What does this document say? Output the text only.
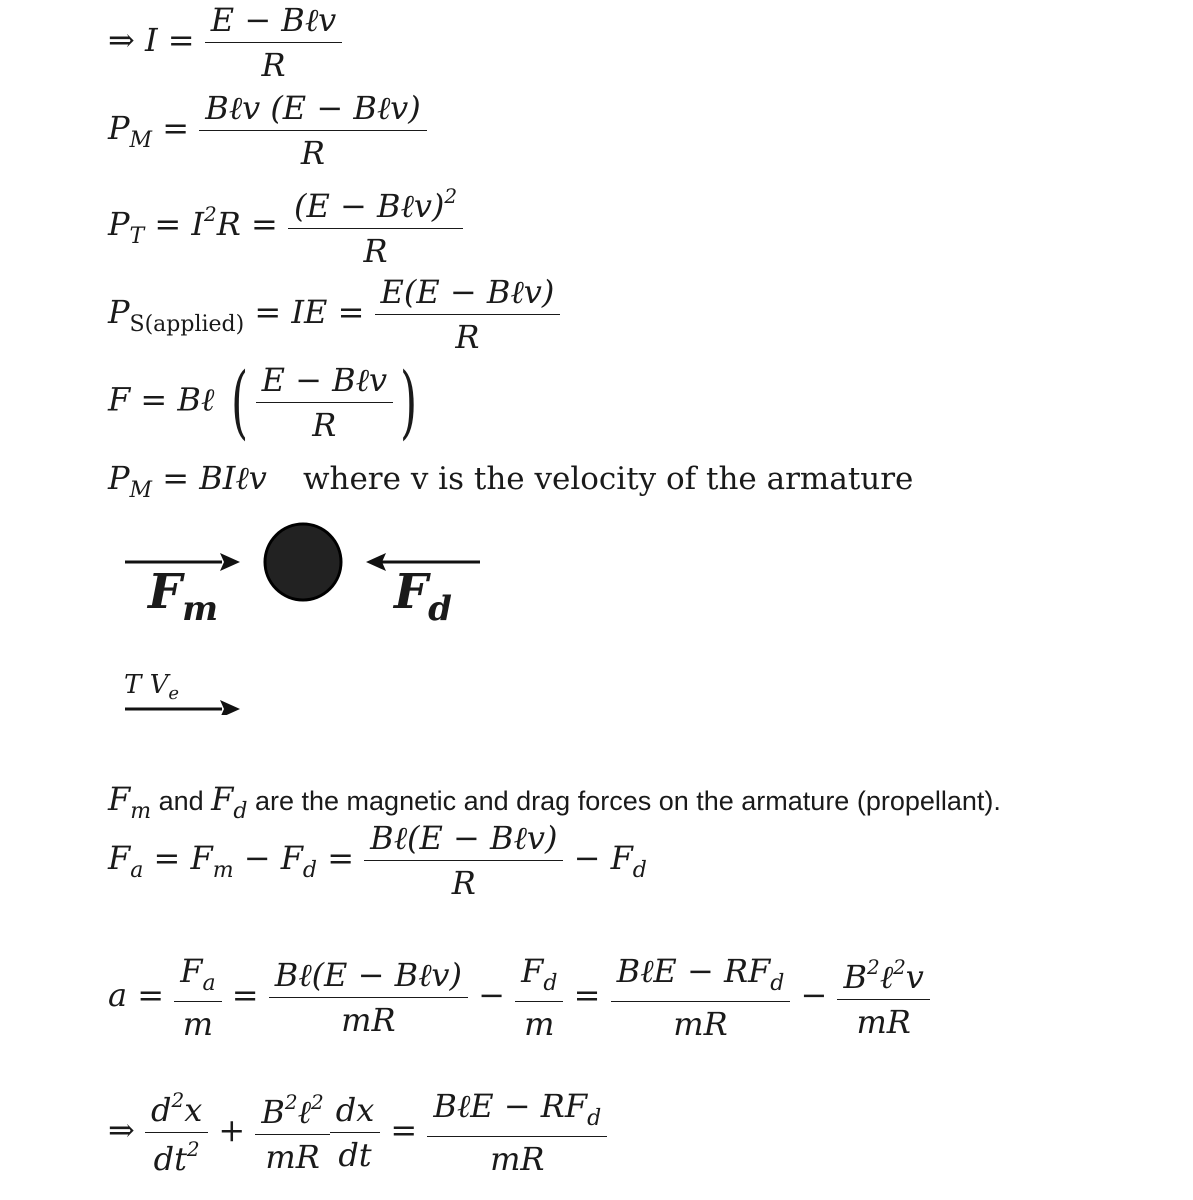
⇒ $I = \frac{\text{E − Bℓv}}{R}$
$P_M = \frac{\text{Bℓv (E − Bℓv)}}{R}$
$P_T = I^2R = \frac{(E - B\ell v)^2}{R}$
$P_{S(applied)}$ = IE = $\frac{\text{E(E − Bℓv)}}{R}$
F = Bℓ ( $\frac{\text{E − Bℓv}}{R}$ )
$P_M$ = BIℓv where v is the velocity of the armature
$F_m$	$F_d$
T $V_e$
$F_m$ and $F_d$ are the magnetic and drag forces on the armature (propellant).
$F_a = F_m - F_d = \frac{\text{Bℓ(E − Bℓv)}}{R} - F_d$
$a = \frac{F_a}{m} = \frac{\text{Bℓ(E − Bℓv)}}{mR} - \frac{F_d}{m} = \frac{B\ell E - RF_d}{mR} - \frac{B^2\ell^2v}{mR}$
⇒ $\frac{d^2x}{dt^2} + \frac{B^2\ell^2}{mR} \frac{dx}{dt} = \frac{B\ell E - RF_d}{mR}$
